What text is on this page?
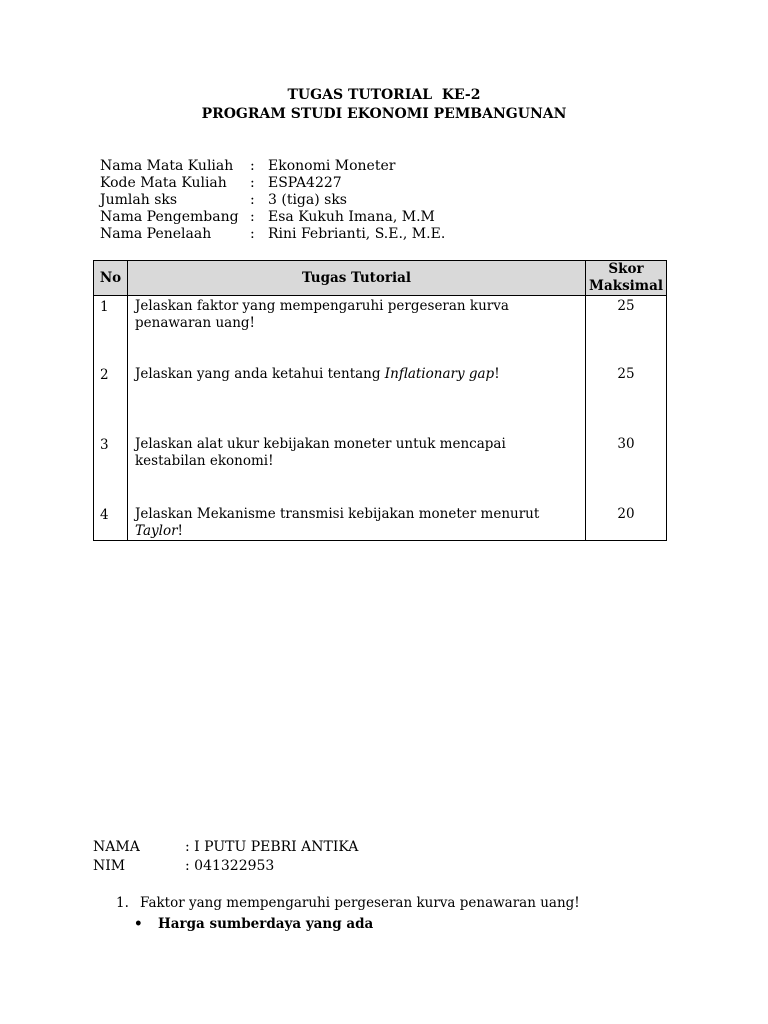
TUGAS TUTORIAL  KE-2
PROGRAM STUDI EKONOMI PEMBANGUNAN
Nama Mata Kuliah	: Ekonomi Moneter
Kode Mata Kuliah	: ESPA4227
Jumlah sks	: 3 (tiga) sks
Nama Pengembang : Esa Kukuh Imana, M.M
Nama Penelaah	: Rini Febrianti, S.E., M.E.
No	Tugas Tutorial	Skor
Maksimal

1	Jelaskan faktor yang mempengaruhi pergeseran kurva penawaran uang!	25
2	Jelaskan yang anda ketahui tentang Inflationary gap!	25
3	Jelaskan alat ukur kebijakan moneter untuk mencapai kestabilan ekonomi!	30
4	Jelaskan Mekanisme transmisi kebijakan moneter menurut Taylor!	20
NAMA	: I PUTU PEBRI ANTIKA
NIM	: 041322953
1. Faktor yang mempengaruhi pergeseran kurva penawaran uang!
•	Harga sumberdaya yang ada
